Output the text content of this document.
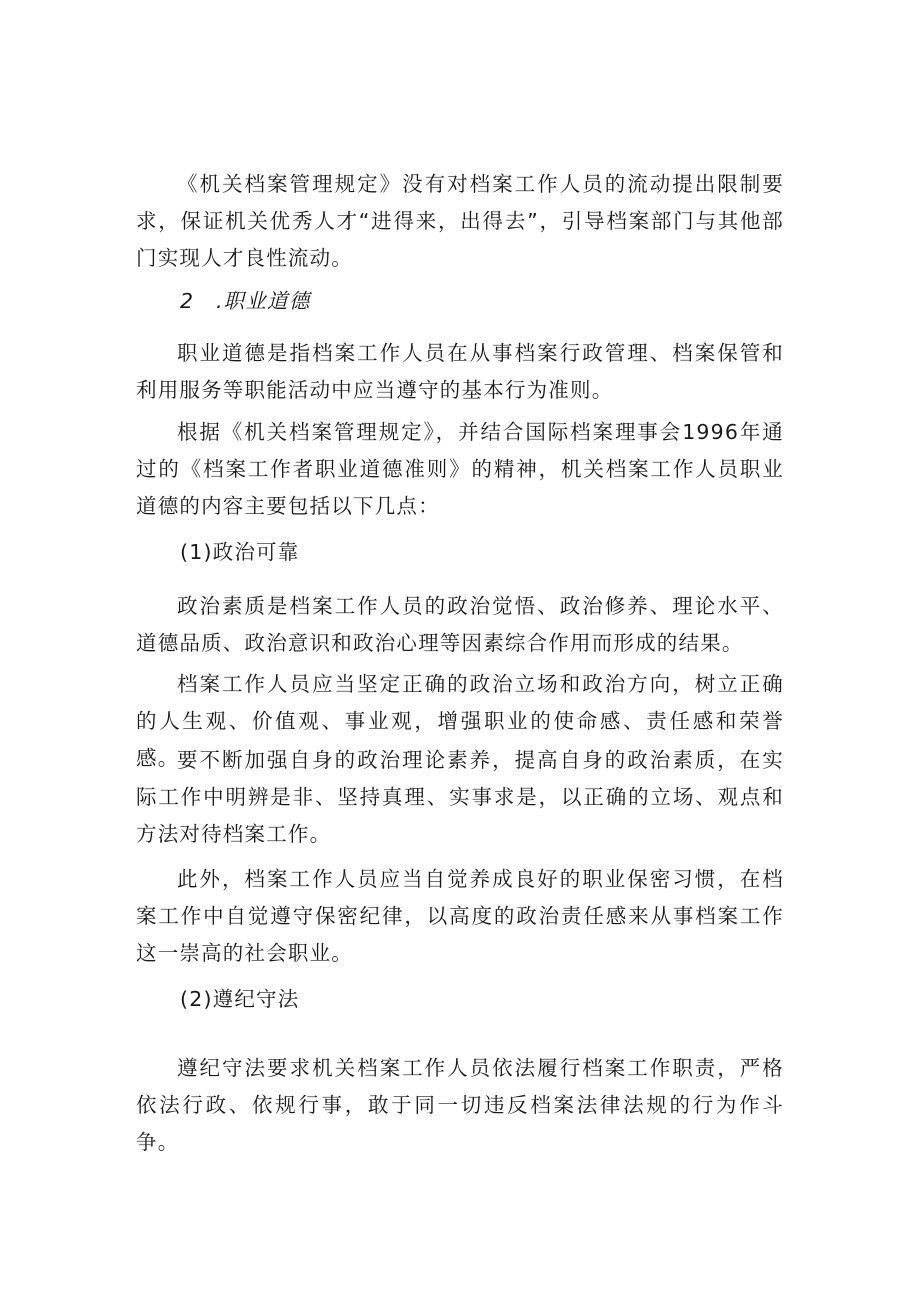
《机关档案管理规定》没有对档案工作人员的流动提出限制要求，保证机关优秀人才“进得来，出得去”，引导档案部门与其他部门实现人才良性流动。

2　.职业道德

职业道德是指档案工作人员在从事档案行政管理、档案保管和利用服务等职能活动中应当遵守的基本行为准则。

根据《机关档案管理规定》，并结合国际档案理事会1996年通过的《档案工作者职业道德准则》的精神，机关档案工作人员职业道德的内容主要包括以下几点：

(1)政治可靠

政治素质是档案工作人员的政治觉悟、政治修养、理论水平、道德品质、政治意识和政治心理等因素综合作用而形成的结果。

档案工作人员应当坚定正确的政治立场和政治方向，树立正确的人生观、价值观、事业观，增强职业的使命感、责任感和荣誉感。

要不断加强自身的政治理论素养，提高自身的政治素质，在实际工作中明辨是非、坚持真理、实事求是，以正确的立场、观点和方法对待档案工作。

此外，档案工作人员应当自觉养成良好的职业保密习惯，在档案工作中自觉遵守保密纪律，以高度的政治责任感来从事档案工作这一崇高的社会职业。

(2)遵纪守法

遵纪守法要求机关档案工作人员依法履行档案工作职责，严格依法行政、依规行事，敢于同一切违反档案法律法规的行为作斗争。
